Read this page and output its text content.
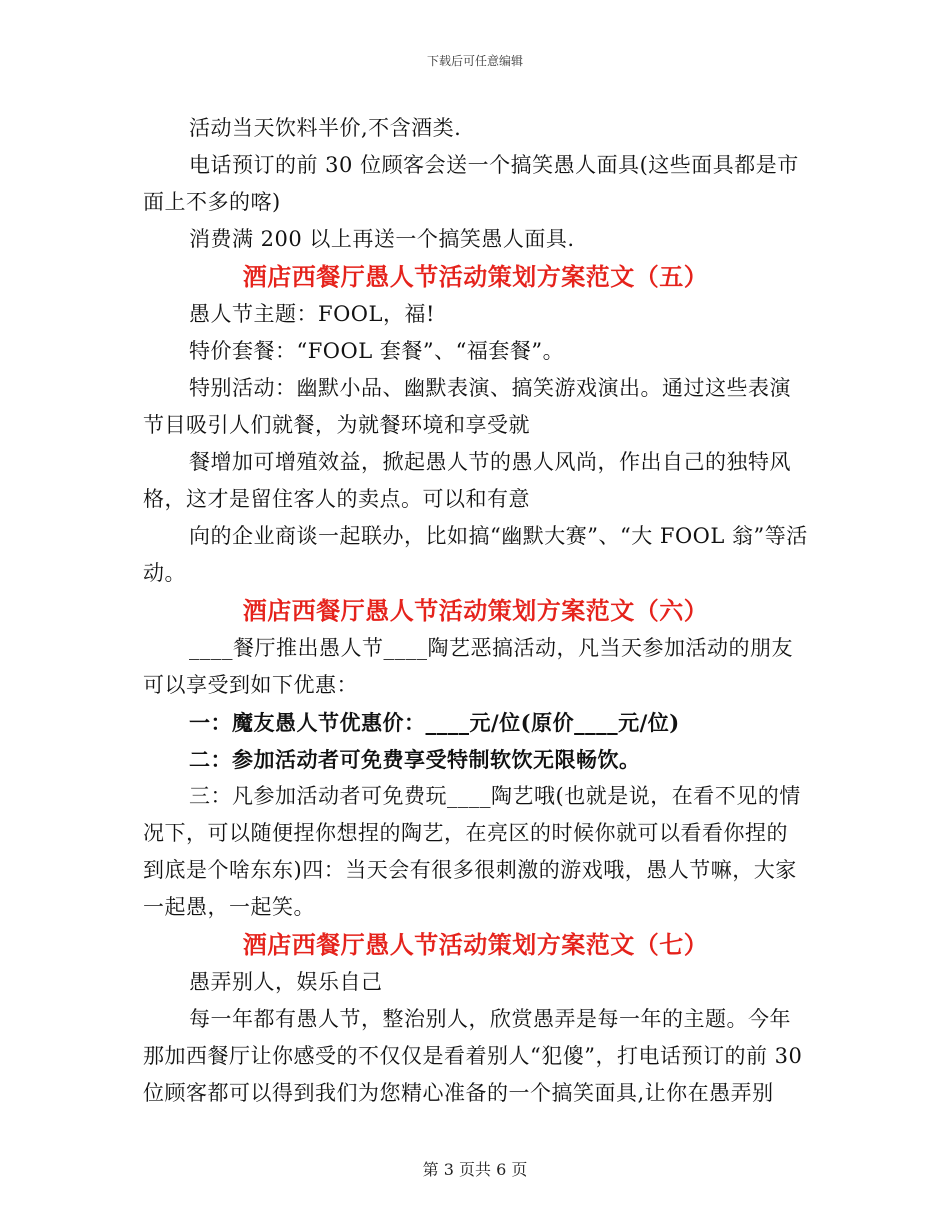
下载后可任意编辑

活动当天饮料半价,不含酒类.

电话预订的前 30 位顾客会送一个搞笑愚人面具(这些面具都是市面上不多的喀)

消费满 200 以上再送一个搞笑愚人面具.

酒店西餐厅愚人节活动策划方案范文（五）

愚人节主题：FOOL，福!

特价套餐：“FOOL 套餐”、“福套餐”。

特别活动：幽默小品、幽默表演、搞笑游戏演出。通过这些表演节目吸引人们就餐，为就餐环境和享受就

餐增加可增殖效益，掀起愚人节的愚人风尚，作出自己的独特风格，这才是留住客人的卖点。可以和有意

向的企业商谈一起联办，比如搞“幽默大赛”、“大 FOOL 翁”等活动。

酒店西餐厅愚人节活动策划方案范文（六）

____餐厅推出愚人节____陶艺恶搞活动，凡当天参加活动的朋友可以享受到如下优惠：

一：魔友愚人节优惠价：____元/位(原价____元/位)

二：参加活动者可免费享受特制软饮无限畅饮。

三：凡参加活动者可免费玩____陶艺哦(也就是说，在看不见的情况下，可以随便捏你想捏的陶艺，在亮区的时候你就可以看看你捏的到底是个啥东东)四：当天会有很多很刺激的游戏哦，愚人节嘛，大家一起愚，一起笑。

酒店西餐厅愚人节活动策划方案范文（七）

愚弄别人，娱乐自己

每一年都有愚人节，整治别人，欣赏愚弄是每一年的主题。今年那加西餐厅让你感受的不仅仅是看着别人“犯傻”，打电话预订的前 30 位顾客都可以得到我们为您精心准备的一个搞笑面具,让你在愚弄别

第 3 页共 6 页
